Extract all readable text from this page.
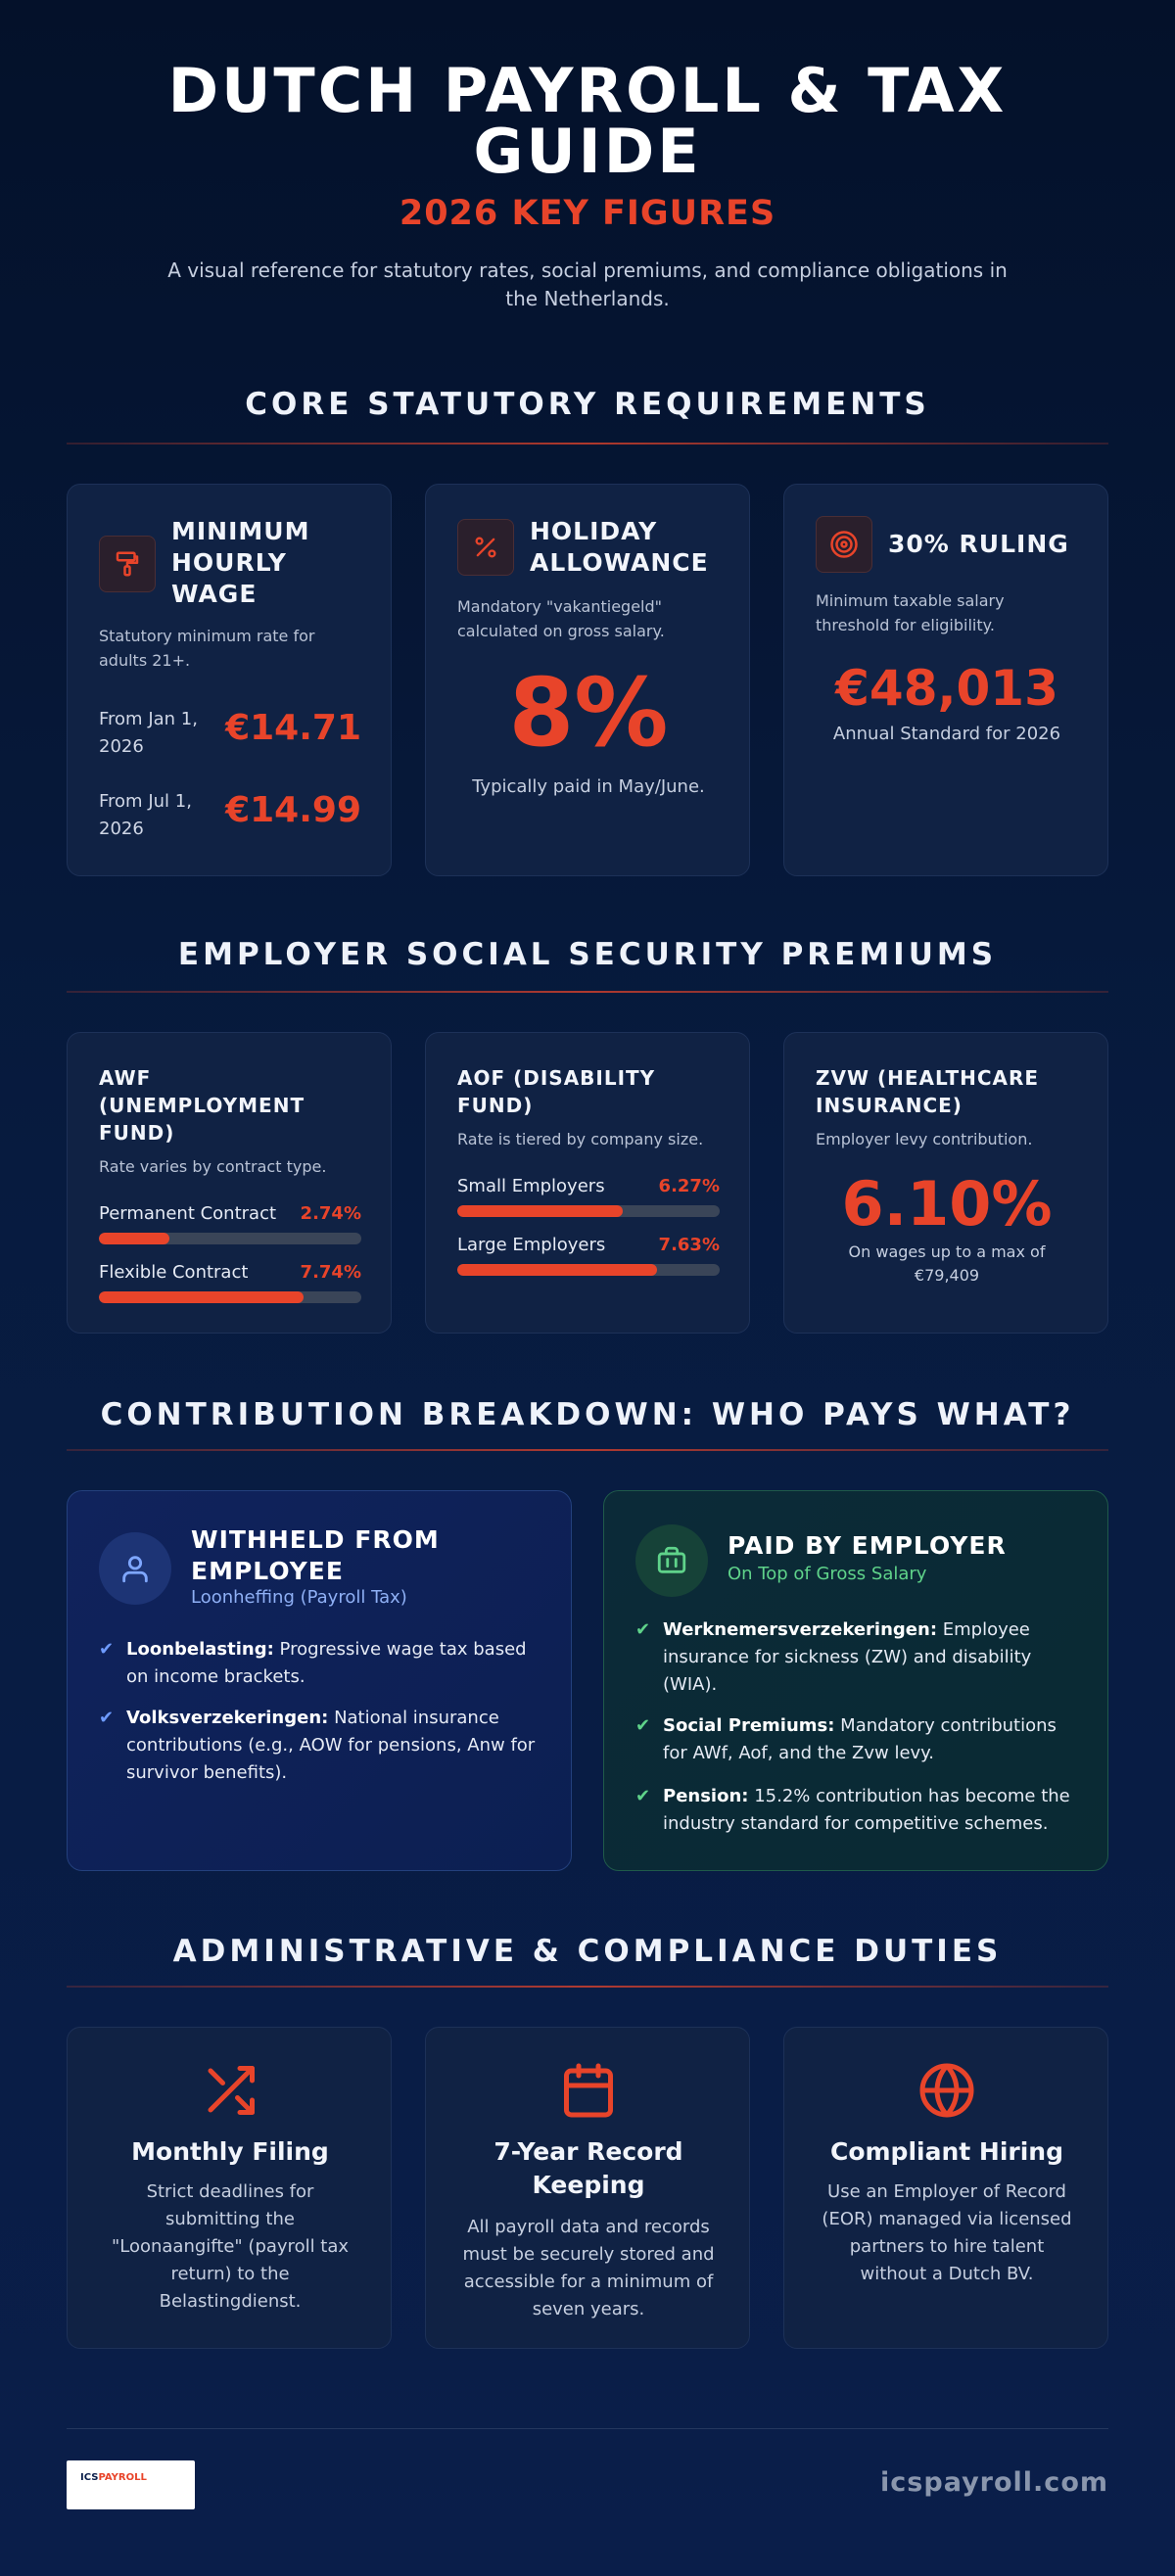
DUTCH PAYROLL & TAX GUIDE
2026 KEY FIGURES

A visual reference for statutory rates, social premiums, and compliance obligations in the Netherlands.

CORE STATUTORY REQUIREMENTS
MINIMUM HOURLY WAGE
Statutory minimum rate for adults 21+.
From Jan 1, 2026	€14.71
From Jul 1, 2026	€14.99
HOLIDAY ALLOWANCE
Mandatory "vakantiegeld" calculated on gross salary.
8%
Typically paid in May/June.
30% RULING
Minimum taxable salary threshold for eligibility.
€48,013
Annual Standard for 2026
EMPLOYER SOCIAL SECURITY PREMIUMS
AWF (UNEMPLOYMENT FUND)
Rate varies by contract type.
Permanent Contract	2.74%
Flexible Contract	7.74%
AOF (DISABILITY FUND)
Rate is tiered by company size.
Small Employers	6.27%
Large Employers	7.63%
ZVW (HEALTHCARE INSURANCE)
Employer levy contribution.
6.10%
On wages up to a max of €79,409
CONTRIBUTION BREAKDOWN: WHO PAYS WHAT?
WITHHELD FROM EMPLOYEE
Loonheffing (Payroll Tax)
✔ Loonbelasting: Progressive wage tax based on income brackets.
✔ Volksverzekeringen: National insurance contributions (e.g., AOW for pensions, Anw for survivor benefits).
PAID BY EMPLOYER
On Top of Gross Salary
✔ Werknemersverzekeringen: Employee insurance for sickness (ZW) and disability (WIA).
✔ Social Premiums: Mandatory contributions for AWf, Aof, and the Zvw levy.
✔ Pension: 15.2% contribution has become the industry standard for competitive schemes.
ADMINISTRATIVE & COMPLIANCE DUTIES
Monthly Filing
Strict deadlines for submitting the "Loonaangifte" (payroll tax return) to the Belastingdienst.
7-Year Record Keeping
All payroll data and records must be securely stored and accessible for a minimum of seven years.
Compliant Hiring
Use an Employer of Record (EOR) managed via licensed partners to hire talent without a Dutch BV.
ICSPAYROLL	icspayroll.com
